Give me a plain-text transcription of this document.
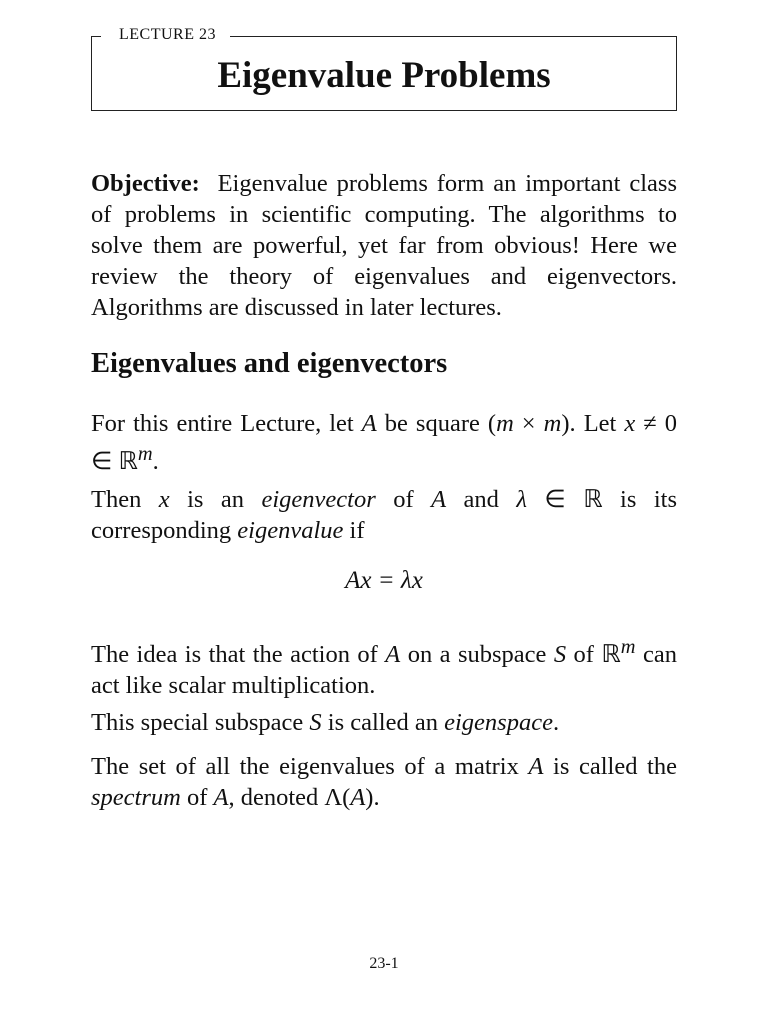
LECTURE 23
Eigenvalue Problems
Objective: Eigenvalue problems form an important class of problems in scientific computing. The algorithms to solve them are powerful, yet far from obvious! Here we review the theory of eigenvalues and eigenvectors. Algorithms are discussed in later lectures.
Eigenvalues and eigenvectors
For this entire Lecture, let A be square (m × m). Let x ≠ 0 ∈ ℝ$^m$.
Then x is an eigenvector of A and λ ∈ ℝ is its corresponding eigenvalue if
Ax = λx
The idea is that the action of A on a subspace S of ℝ$^m$ can act like scalar multiplication.
This special subspace S is called an eigenspace.
The set of all the eigenvalues of a matrix A is called the spectrum of A, denoted Λ(A).
23-1
